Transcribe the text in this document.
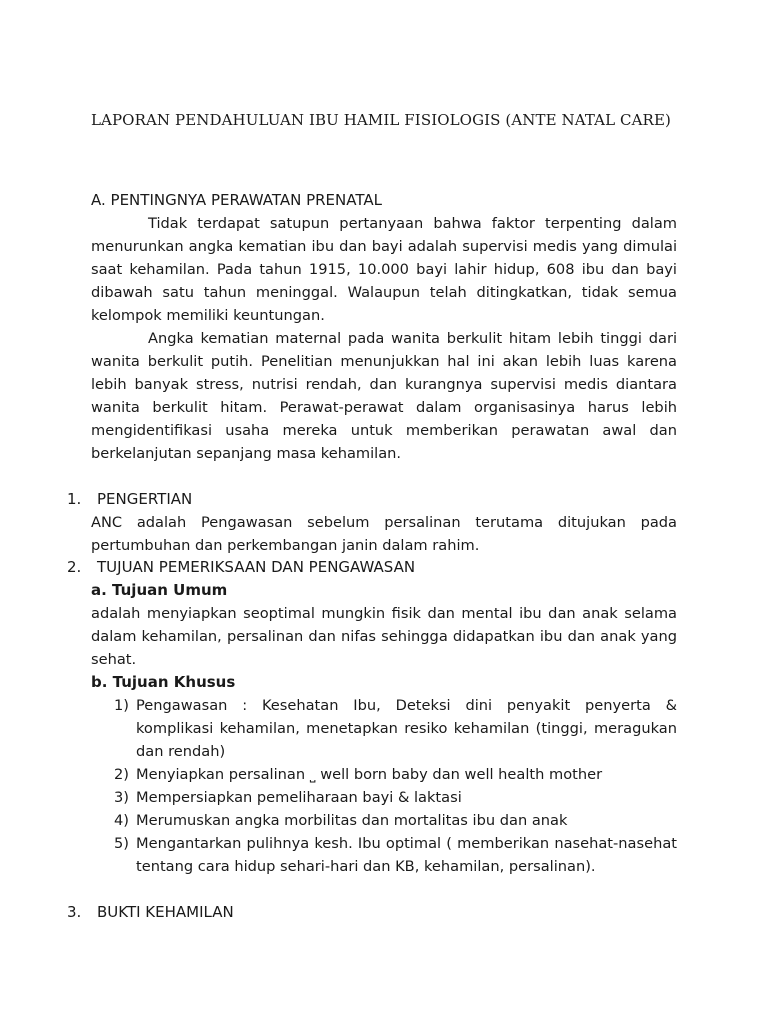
LAPORAN PENDAHULUAN IBU HAMIL FISIOLOGIS (ANTE NATAL CARE)
A. PENTINGNYA PERAWATAN PRENATAL
Tidak terdapat satupun pertanyaan bahwa faktor terpenting dalam menurunkan angka kematian ibu dan bayi adalah supervisi medis yang dimulai saat kehamilan. Pada tahun 1915, 10.000 bayi lahir hidup, 608 ibu dan bayi dibawah satu tahun meninggal. Walaupun telah ditingkatkan, tidak semua kelompok memiliki keuntungan.
Angka kematian maternal pada wanita berkulit hitam lebih tinggi dari wanita berkulit putih. Penelitian menunjukkan hal ini akan lebih luas karena lebih banyak stress, nutrisi rendah, dan kurangnya supervisi medis diantara wanita berkulit hitam. Perawat-perawat dalam organisasinya harus lebih mengidentifikasi usaha mereka untuk memberikan perawatan awal dan berkelanjutan sepanjang masa kehamilan.
1. PENGERTIAN
ANC adalah Pengawasan sebelum persalinan terutama ditujukan pada pertumbuhan dan perkembangan janin dalam rahim.
2. TUJUAN PEMERIKSAAN DAN PENGAWASAN
a. Tujuan Umum
adalah menyiapkan seoptimal mungkin fisik dan mental ibu dan anak selama dalam kehamilan, persalinan dan nifas sehingga didapatkan ibu dan anak yang sehat.
b. Tujuan Khusus
1) Pengawasan : Kesehatan Ibu, Deteksi dini penyakit penyerta & komplikasi kehamilan, menetapkan resiko kehamilan (tinggi, meragukan dan rendah)
2) Menyiapkan persalinan ⎵ well born baby dan well health mother
3) Mempersiapkan pemeliharaan bayi & laktasi
4) Merumuskan angka morbilitas dan mortalitas ibu dan anak
5) Mengantarkan pulihnya kesh. Ibu optimal ( memberikan nasehat-nasehat tentang cara hidup sehari-hari dan KB, kehamilan, persalinan).
3. BUKTI KEHAMILAN
